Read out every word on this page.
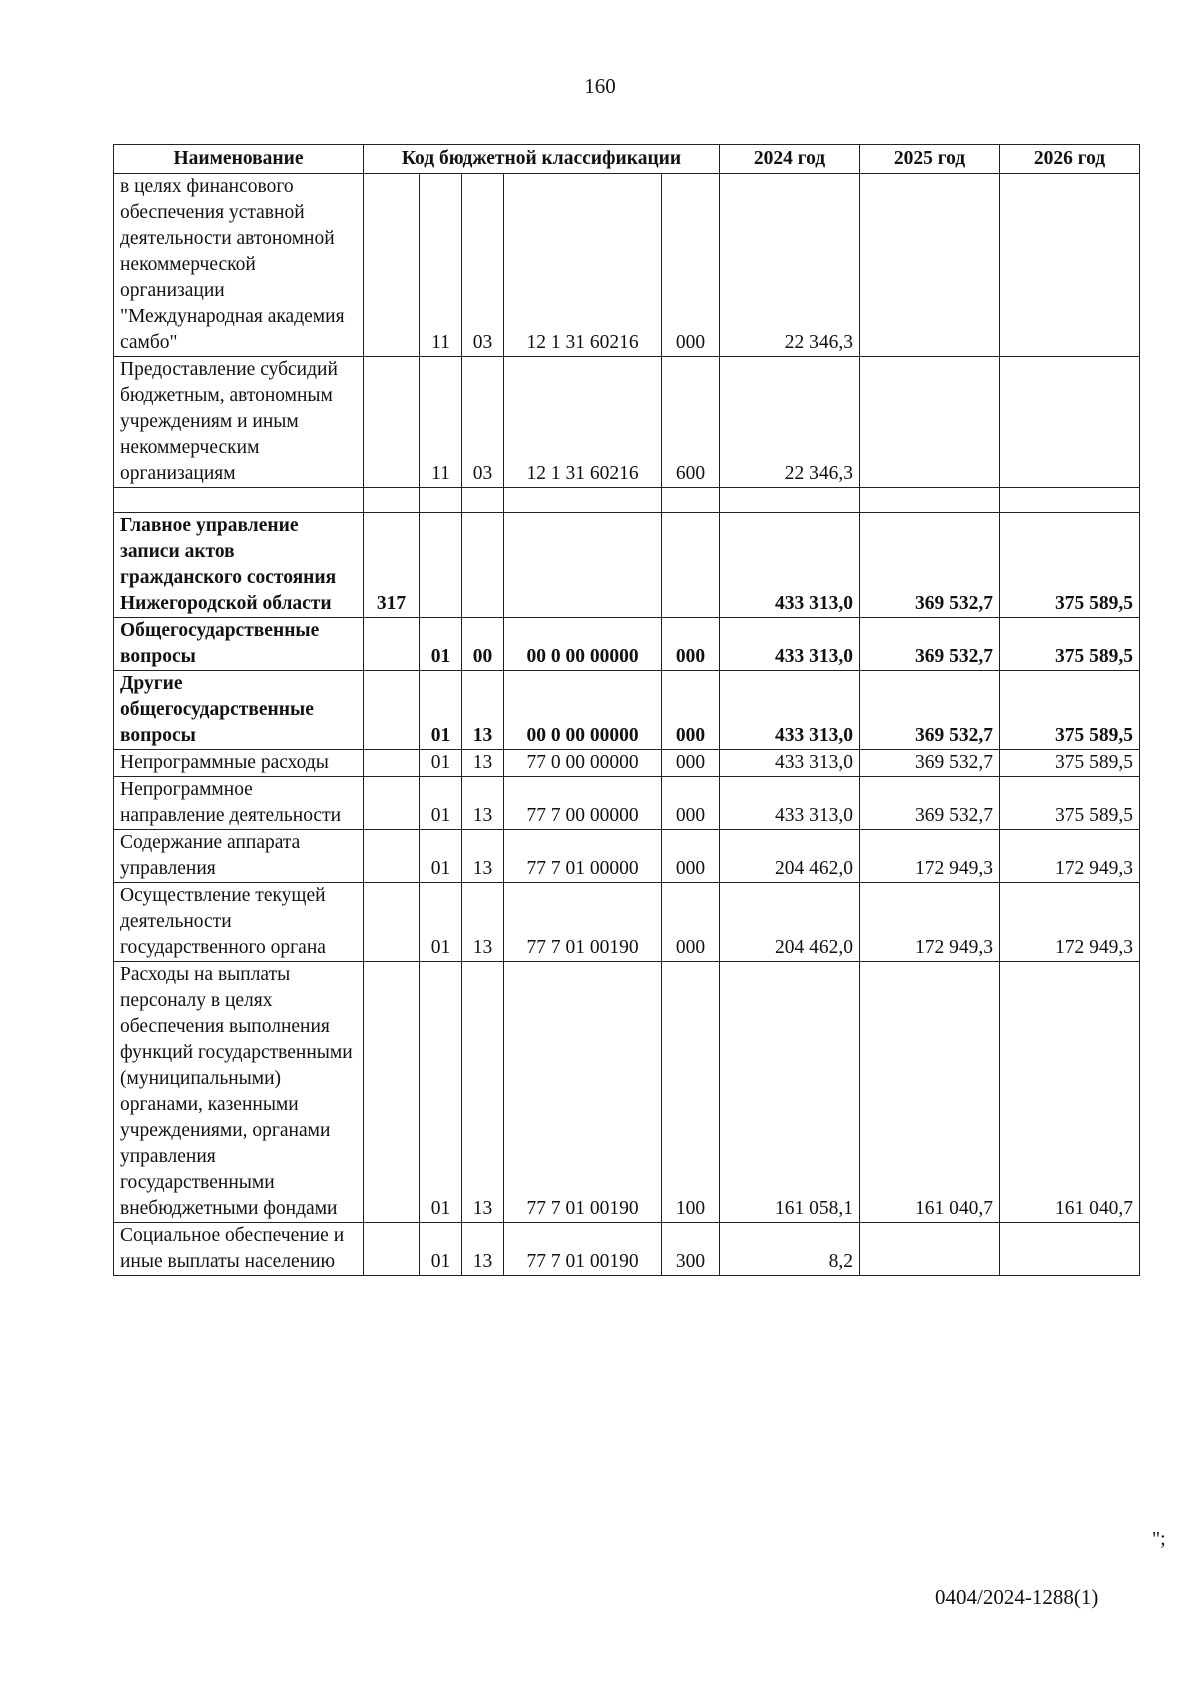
160
Наименование	Код бюджетной классификации					2024 год	2025 год	2026 год
в целях финансового обеспечения уставной деятельности автономной некоммерческой организации "Международная академия самбо"		11	03	12 1 31 60216	000	22 346,3		
Предоставление субсидий бюджетным, автономным учреждениям и иным некоммерческим организациям		11	03	12 1 31 60216	600	22 346,3		

Главное управление записи актов гражданского состояния Нижегородской области	317					433 313,0	369 532,7	375 589,5
Общегосударственные вопросы		01	00	00 0 00 00000	000	433 313,0	369 532,7	375 589,5
Другие общегосударственные вопросы		01	13	00 0 00 00000	000	433 313,0	369 532,7	375 589,5
Непрограммные расходы		01	13	77 0 00 00000	000	433 313,0	369 532,7	375 589,5
Непрограммное направление деятельности		01	13	77 7 00 00000	000	433 313,0	369 532,7	375 589,5
Содержание аппарата управления		01	13	77 7 01 00000	000	204 462,0	172 949,3	172 949,3
Осуществление текущей деятельности государственного органа		01	13	77 7 01 00190	000	204 462,0	172 949,3	172 949,3
Расходы на выплаты персоналу в целях обеспечения выполнения функций государственными (муниципальными) органами, казенными учреждениями, органами управления государственными внебюджетными фондами		01	13	77 7 01 00190	100	161 058,1	161 040,7	161 040,7
Социальное обеспечение и иные выплаты населению		01	13	77 7 01 00190	300	8,2		
";
0404/2024-1288(1)
